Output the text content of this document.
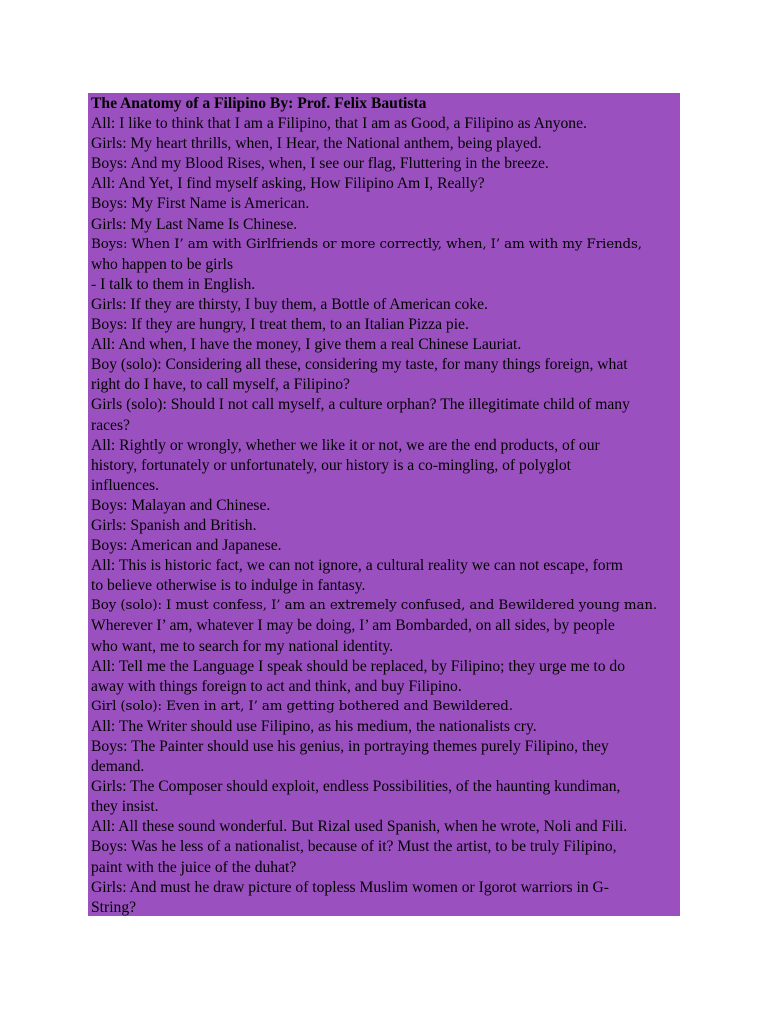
The Anatomy of a Filipino By: Prof. Felix Bautista
All: I like to think that I am a Filipino, that I am as Good, a Filipino as Anyone.
Girls: My heart thrills, when, I Hear, the National anthem, being played.
Boys: And my Blood Rises, when, I see our flag, Fluttering in the breeze.
All: And Yet, I find myself asking, How Filipino Am I, Really?
Boys: My First Name is American.
Girls: My Last Name Is Chinese.
Boys: When I’ am with Girlfriends or more correctly, when, I’ am with my Friends,
who happen to be girls
- I talk to them in English.
Girls: If they are thirsty, I buy them, a Bottle of American coke.
Boys: If they are hungry, I treat them, to an Italian Pizza pie.
All: And when, I have the money, I give them a real Chinese Lauriat.
Boy (solo): Considering all these, considering my taste, for many things foreign, what
right do I have, to call myself, a Filipino?
Girls (solo): Should I not call myself, a culture orphan? The illegitimate child of many
races?
All: Rightly or wrongly, whether we like it or not, we are the end products, of our
history, fortunately or unfortunately, our history is a co-mingling, of polyglot
influences.
Boys: Malayan and Chinese.
Girls: Spanish and British.
Boys: American and Japanese.
All: This is historic fact, we can not ignore, a cultural reality we can not escape, form
to believe otherwise is to indulge in fantasy.
Boy (solo): I must confess, I’ am an extremely confused, and Bewildered young man.
Wherever I’ am, whatever I may be doing, I’ am Bombarded, on all sides, by people
who want, me to search for my national identity.
All: Tell me the Language I speak should be replaced, by Filipino; they urge me to do
away with things foreign to act and think, and buy Filipino.
Girl (solo): Even in art, I’ am getting bothered and Bewildered.
All: The Writer should use Filipino, as his medium, the nationalists cry.
Boys: The Painter should use his genius, in portraying themes purely Filipino, they
demand.
Girls: The Composer should exploit, endless Possibilities, of the haunting kundiman,
they insist.
All: All these sound wonderful. But Rizal used Spanish, when he wrote, Noli and Fili.
Boys: Was he less of a nationalist, because of it? Must the artist, to be truly Filipino,
paint with the juice of the duhat?
Girls: And must he draw picture of topless Muslim women or Igorot warriors in G-
String?
